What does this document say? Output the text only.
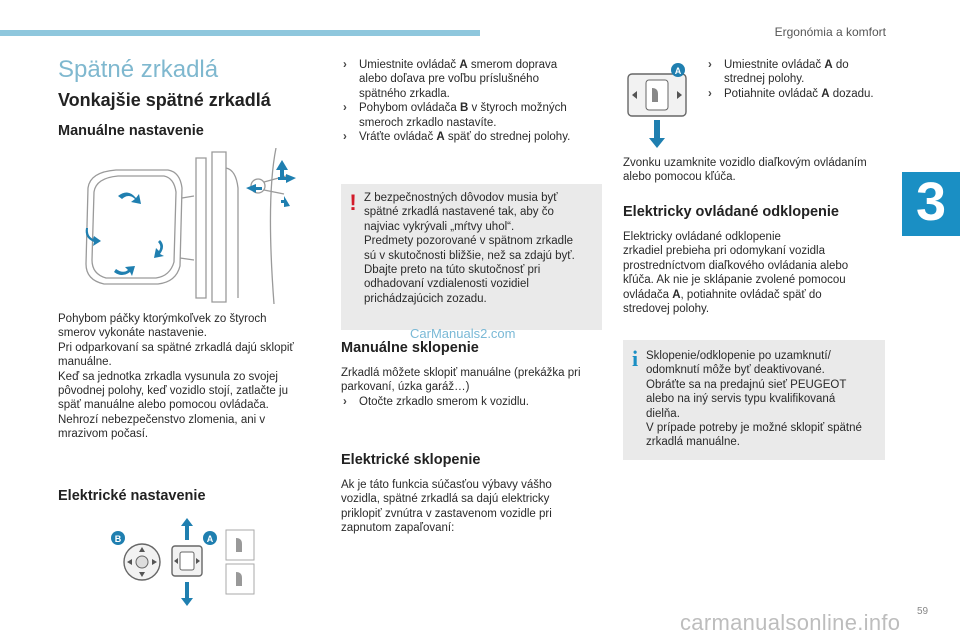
Ergonómia a komfort
3
Spätné zrkadlá
Vonkajšie spätné zrkadlá
Manuálne nastavenie
Pohybom páčky ktorýmkoľvek zo štyroch
smerov vykonáte nastavenie.
Pri odparkovaní sa spätné zrkadlá dajú sklopiť
manuálne.
Keď sa jednotka zrkadla vysunula zo svojej
pôvodnej polohy, keď vozidlo stojí, zatlačte ju
späť manuálne alebo pomocou ovládača.
Nehrozí nebezpečenstvo zlomenia, ani v
mrazivom počasí.
Elektrické nastavenie
B	A
› Umiestnite ovládač A smerom doprava
alebo doľava pre voľbu príslušného
spätného zrkadla.
› Pohybom ovládača B v štyroch možných
smeroch zrkadlo nastavíte.
› Vráťte ovládač A späť do strednej polohy.
! Z bezpečnostných dôvodov musia byť
spätné zrkadlá nastavené tak, aby čo
najviac vykrývali „mŕtvy uhol“.
Predmety pozorované v spätnom zrkadle
sú v skutočnosti bližšie, než sa zdajú byť.
Dbajte preto na túto skutočnosť pri
odhadovaní vzdialenosti vozidiel
prichádzajúcich zozadu.
CarManuals2.com
Manuálne sklopenie
Zrkadlá môžete sklopiť manuálne (prekážka pri
parkovaní, úzka garáž…)
› Otočte zrkadlo smerom k vozidlu.
Elektrické sklopenie
Ak je táto funkcia súčasťou výbavy vášho
vozidla, spätné zrkadlá sa dajú elektricky
priklopiť zvnútra v zastavenom vozidle pri
zapnutom zapaľovaní:
A
›	Umiestnite ovládač A do
strednej polohy.
› Potiahnite ovládač A dozadu.
Zvonku uzamknite vozidlo diaľkovým ovládaním
alebo pomocou kľúča.
Elektricky ovládané odklopenie
Elektricky ovládané odklopenie
zrkadiel prebieha pri odomykaní vozidla
prostredníctvom diaľkového ovládania alebo
kľúča. Ak nie je sklápanie zvolené pomocou
ovládača A, potiahnite ovládač späť do
stredovej polohy.
i Sklopenie/odklopenie po uzamknutí/
odomknutí môže byť deaktivované.
Obráťte sa na predajnú sieť PEUGEOT
alebo na iný servis typu kvalifikovaná
dielňa.
V prípade potreby je možné sklopiť spätné
zrkadlá manuálne.
carmanualsonline.info 59
